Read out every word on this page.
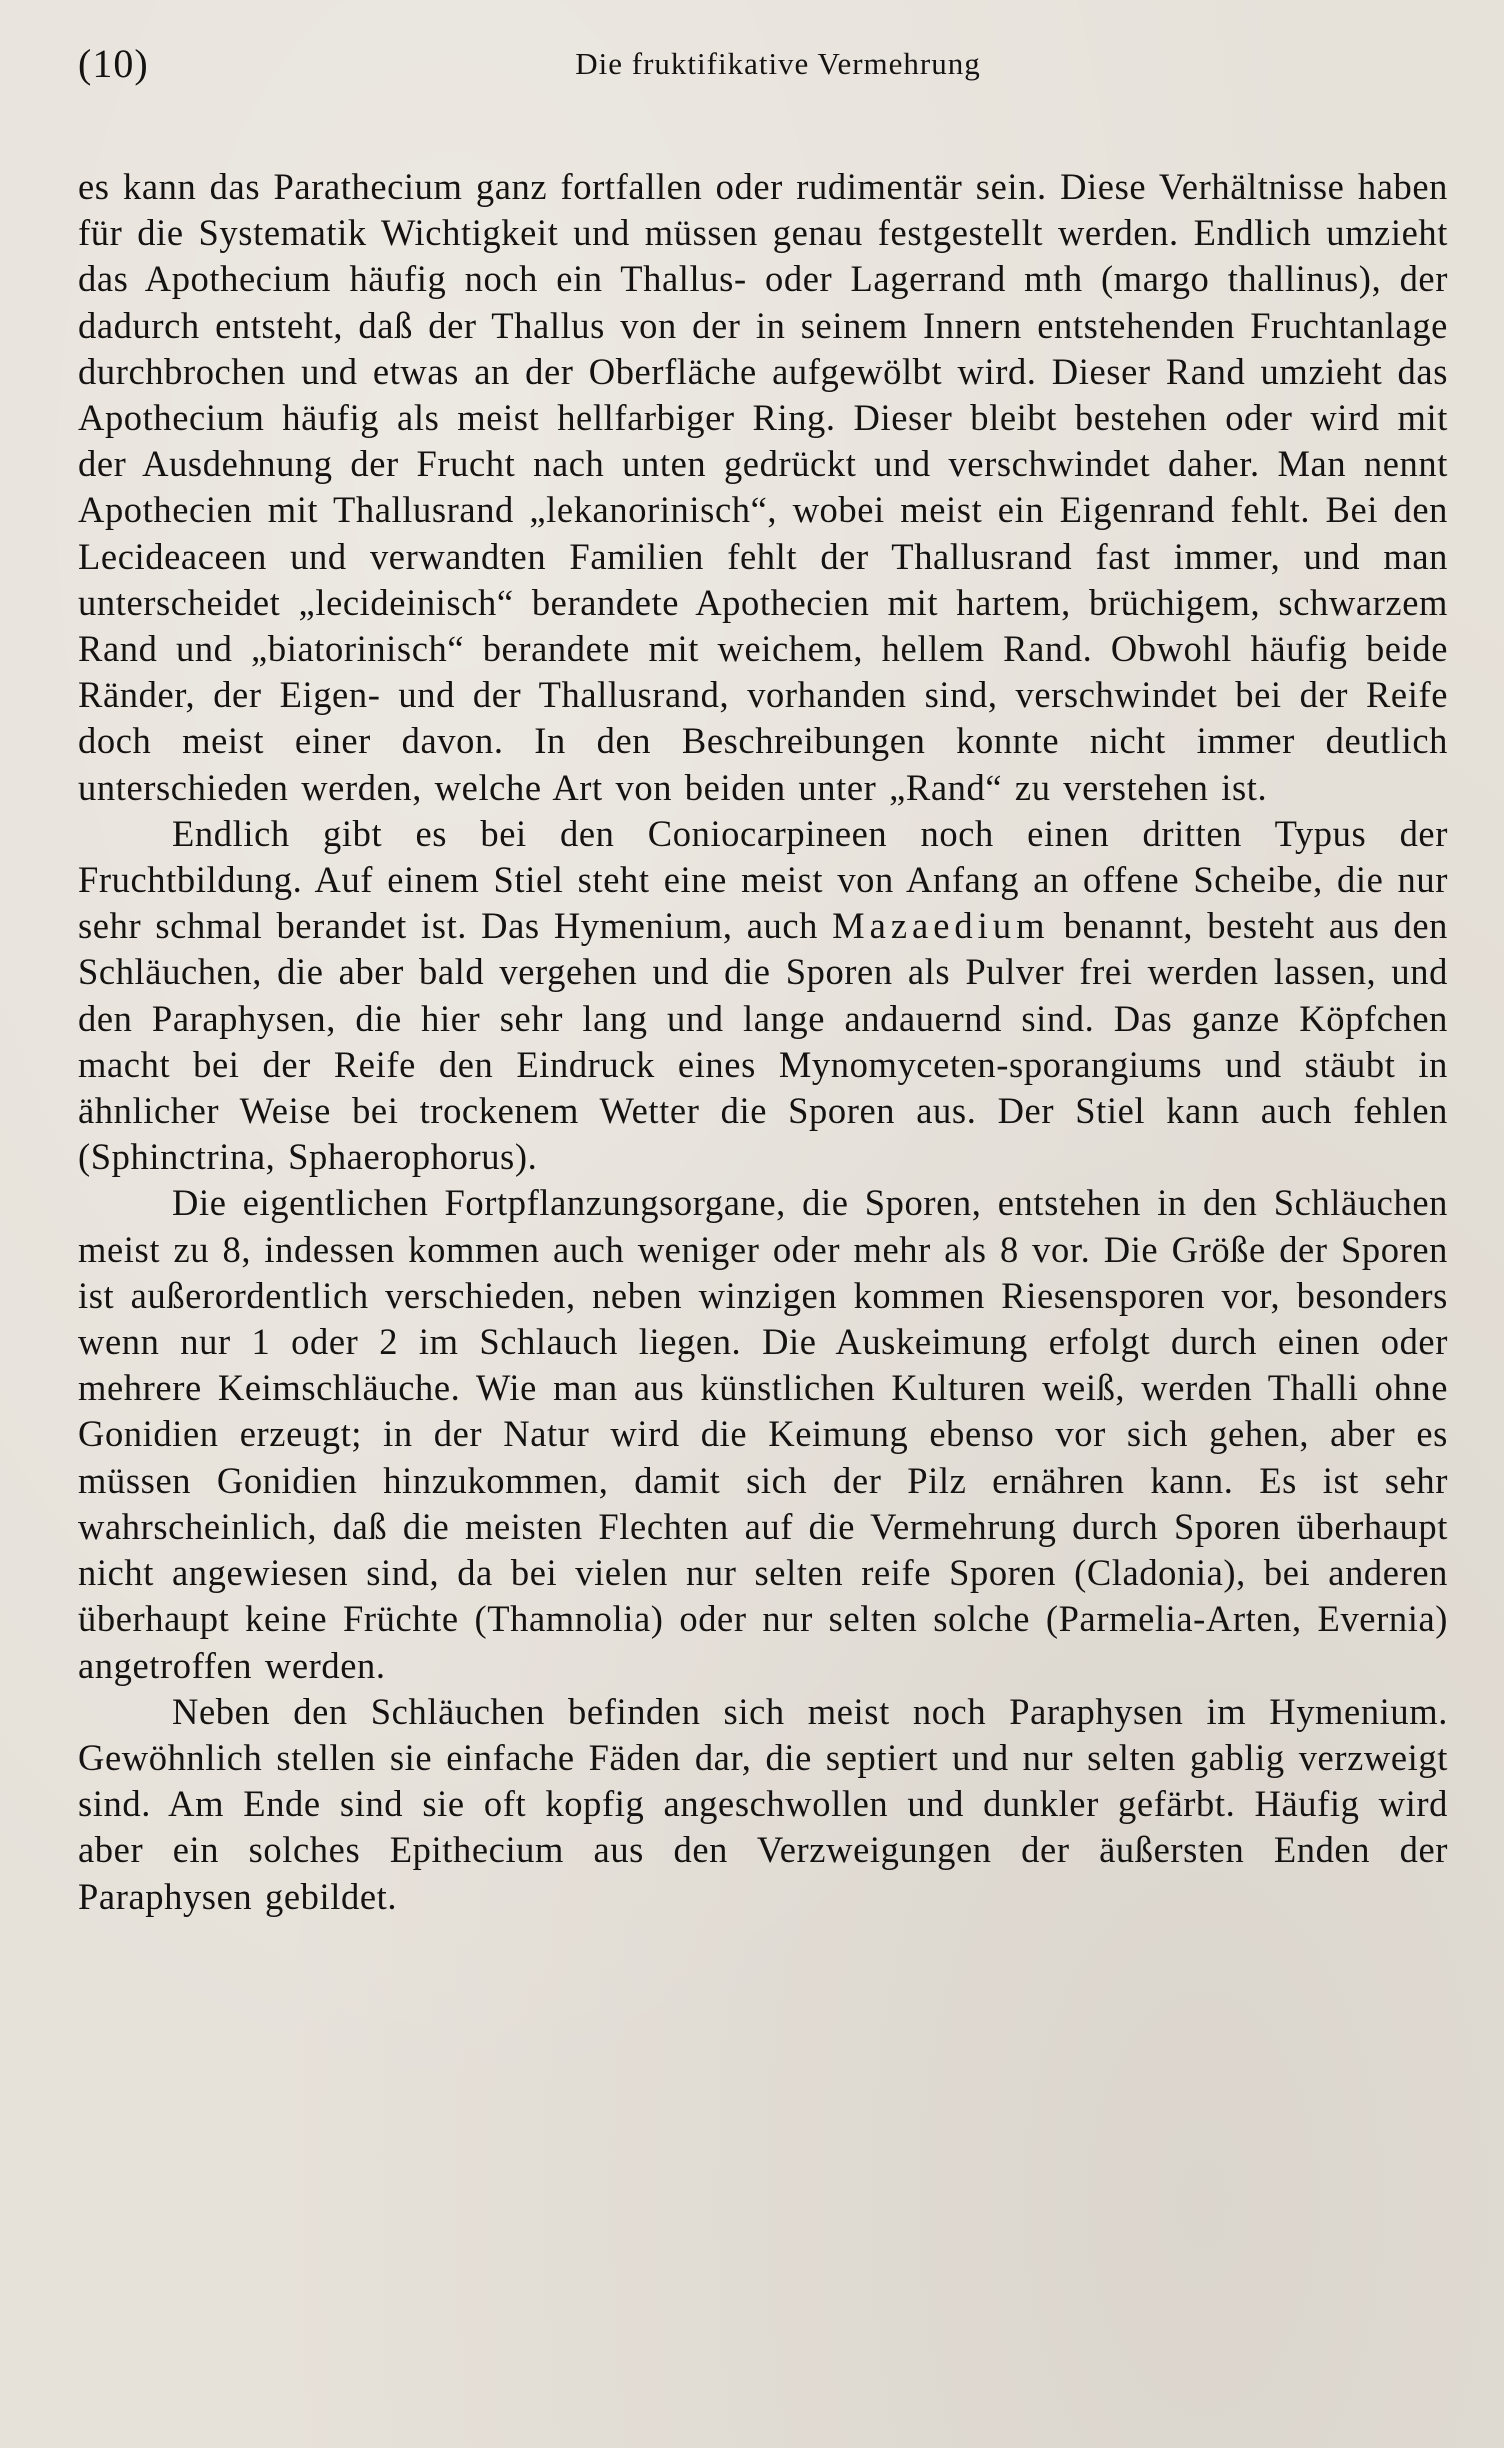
(10)	Die fruktifikative Vermehrung

es kann das Parathecium ganz fortfallen oder rudimentär sein. Diese Verhältnisse haben für die Systematik Wichtigkeit und müssen genau festgestellt werden. Endlich umzieht das Apothecium häufig noch ein Thallus- oder Lagerrand mth (margo thallinus), der dadurch entsteht, daß der Thallus von der in seinem Innern entstehenden Fruchtanlage durchbrochen und etwas an der Oberfläche aufgewölbt wird. Dieser Rand umzieht das Apothecium häufig als meist hellfarbiger Ring. Dieser bleibt bestehen oder wird mit der Ausdehnung der Frucht nach unten gedrückt und verschwindet daher. Man nennt Apothecien mit Thallusrand „lekanorinisch“, wobei meist ein Eigenrand fehlt. Bei den Lecideaceen und verwandten Familien fehlt der Thallusrand fast immer, und man unterscheidet „lecideinisch“ berandete Apothecien mit hartem, brüchigem, schwarzem Rand und „biatorinisch“ berandete mit weichem, hellem Rand. Obwohl häufig beide Ränder, der Eigen- und der Thallusrand, vorhanden sind, verschwindet bei der Reife doch meist einer davon. In den Beschreibungen konnte nicht immer deutlich unterschieden werden, welche Art von beiden unter „Rand“ zu verstehen ist.

Endlich gibt es bei den Coniocarpineen noch einen dritten Typus der Fruchtbildung. Auf einem Stiel steht eine meist von Anfang an offene Scheibe, die nur sehr schmal berandet ist. Das Hymenium, auch Mazaedium benannt, besteht aus den Schläuchen, die aber bald vergehen und die Sporen als Pulver frei werden lassen, und den Paraphysen, die hier sehr lang und lange andauernd sind. Das ganze Köpfchen macht bei der Reife den Eindruck eines Mynomyceten-sporangiums und stäubt in ähnlicher Weise bei trockenem Wetter die Sporen aus. Der Stiel kann auch fehlen (Sphinctrina, Sphaerophorus).

Die eigentlichen Fortpflanzungsorgane, die Sporen, entstehen in den Schläuchen meist zu 8, indessen kommen auch weniger oder mehr als 8 vor. Die Größe der Sporen ist außerordentlich verschieden, neben winzigen kommen Riesensporen vor, besonders wenn nur 1 oder 2 im Schlauch liegen. Die Auskeimung erfolgt durch einen oder mehrere Keimschläuche. Wie man aus künstlichen Kulturen weiß, werden Thalli ohne Gonidien erzeugt; in der Natur wird die Keimung ebenso vor sich gehen, aber es müssen Gonidien hinzukommen, damit sich der Pilz ernähren kann. Es ist sehr wahrscheinlich, daß die meisten Flechten auf die Vermehrung durch Sporen überhaupt nicht angewiesen sind, da bei vielen nur selten reife Sporen (Cladonia), bei anderen überhaupt keine Früchte (Thamnolia) oder nur selten solche (Parmelia-Arten, Evernia) angetroffen werden.

Neben den Schläuchen befinden sich meist noch Paraphysen im Hymenium. Gewöhnlich stellen sie einfache Fäden dar, die septiert und nur selten gablig verzweigt sind. Am Ende sind sie oft kopfig angeschwollen und dunkler gefärbt. Häufig wird aber ein solches Epithecium aus den Verzweigungen der äußersten Enden der Paraphysen gebildet.
